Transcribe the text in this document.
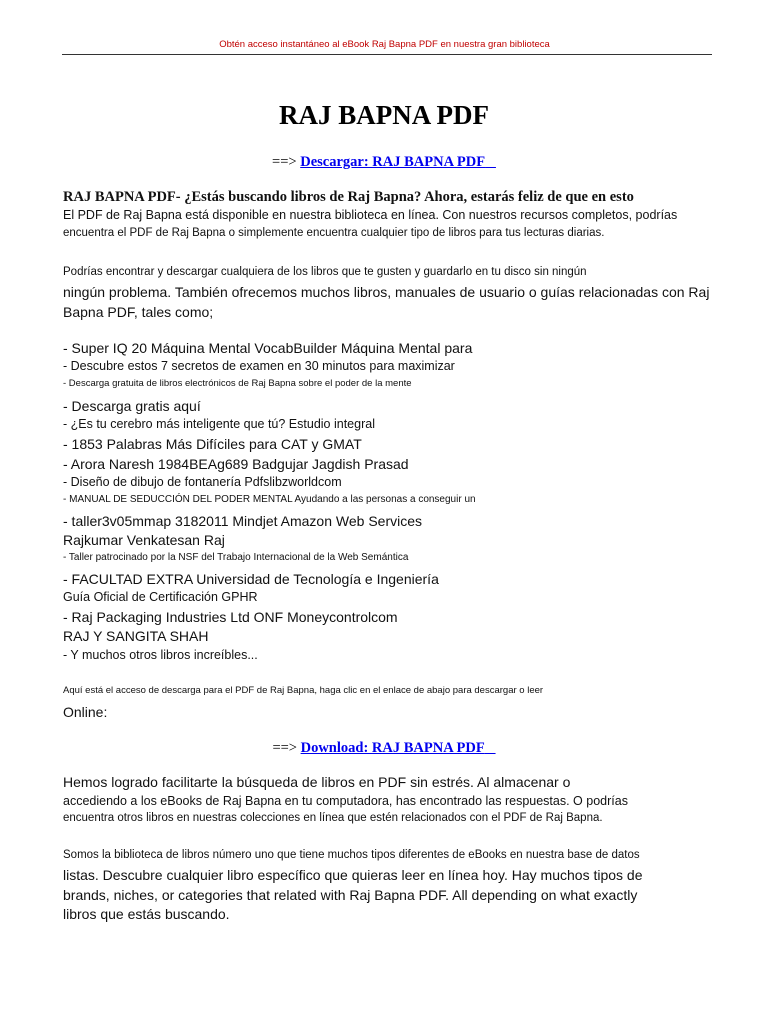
Obtén acceso instantáneo al eBook Raj Bapna PDF en nuestra gran biblioteca
RAJ BAPNA PDF
==> Descargar: RAJ BAPNA PDF
RAJ BAPNA PDF- ¿Estás buscando libros de Raj Bapna? Ahora, estarás feliz de que en esto
El PDF de Raj Bapna está disponible en nuestra biblioteca en línea. Con nuestros recursos completos, podrías
encuentra el PDF de Raj Bapna o simplemente encuentra cualquier tipo de libros para tus lecturas diarias.
Podrías encontrar y descargar cualquiera de los libros que te gusten y guardarlo en tu disco sin ningún
ningún problema. También ofrecemos muchos libros, manuales de usuario o guías relacionadas con Raj
Bapna PDF, tales como;
- Super IQ 20 Máquina Mental VocabBuilder Máquina Mental para
- Descubre estos 7 secretos de examen en 30 minutos para maximizar
- Descarga gratuita de libros electrónicos de Raj Bapna sobre el poder de la mente
- Descarga gratis aquí
- ¿Es tu cerebro más inteligente que tú? Estudio integral
- 1853 Palabras Más Difíciles para CAT y GMAT
- Arora Naresh 1984BEAg689 Badgujar Jagdish Prasad
- Diseño de dibujo de fontanería Pdfslibzworldcom
- MANUAL DE SEDUCCIÓN DEL PODER MENTAL Ayudando a las personas a conseguir un
- taller3v05mmap 3182011 Mindjet Amazon Web Services
Rajkumar Venkatesan Raj
- Taller patrocinado por la NSF del Trabajo Internacional de la Web Semántica
- FACULTAD EXTRA Universidad de Tecnología e Ingeniería
Guía Oficial de Certificación GPHR
- Raj Packaging Industries Ltd ONF Moneycontrolcom
RAJ Y SANGITA SHAH
- Y muchos otros libros increíbles...
Aquí está el acceso de descarga para el PDF de Raj Bapna, haga clic en el enlace de abajo para descargar o leer
Online:
==> Download: RAJ BAPNA PDF
Hemos logrado facilitarte la búsqueda de libros en PDF sin estrés. Al almacenar o
accediendo a los eBooks de Raj Bapna en tu computadora, has encontrado las respuestas. O podrías
encuentra otros libros en nuestras colecciones en línea que estén relacionados con el PDF de Raj Bapna.
Somos la biblioteca de libros número uno que tiene muchos tipos diferentes de eBooks en nuestra base de datos
listas. Descubre cualquier libro específico que quieras leer en línea hoy. Hay muchos tipos de
brands, niches, or categories that related with Raj Bapna PDF. All depending on what exactly
libros que estás buscando.
